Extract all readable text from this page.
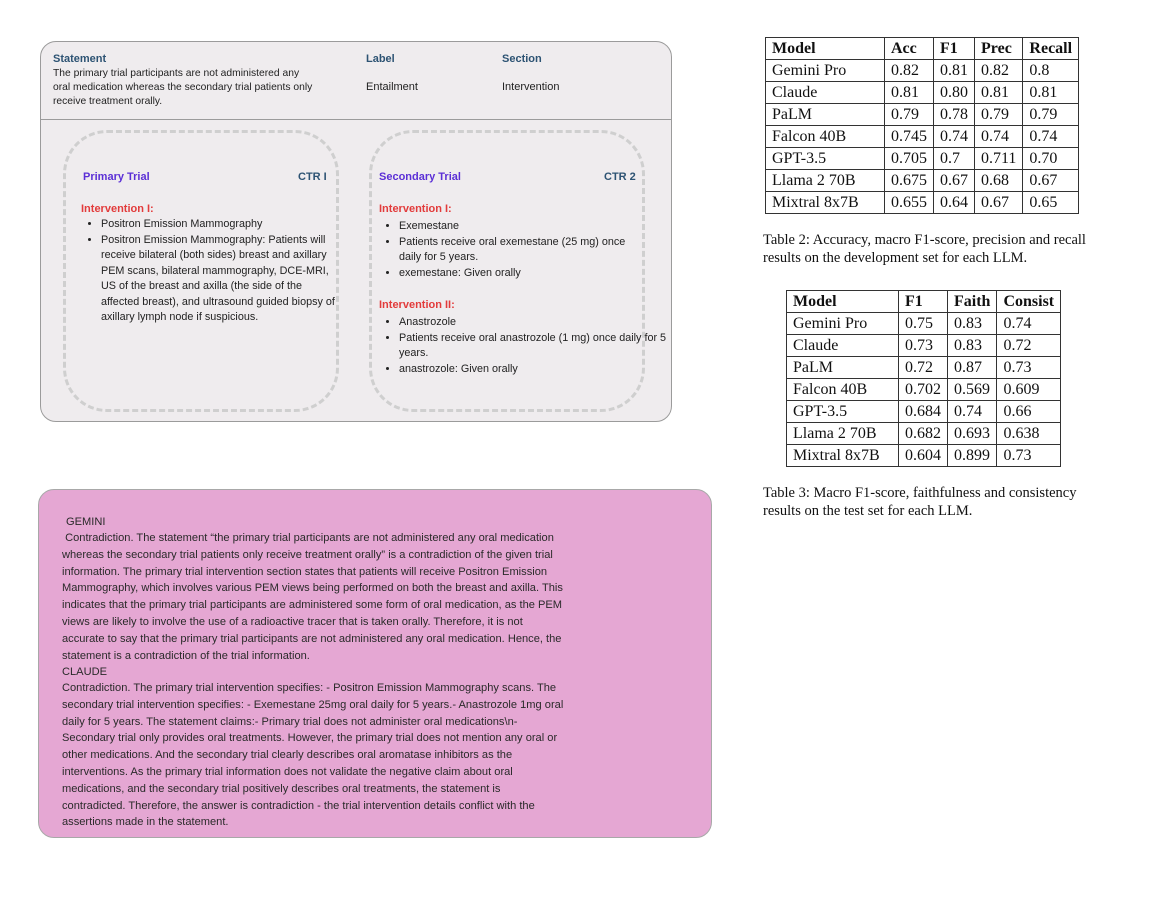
Statement	Label	Section
The primary trial participants are not administered any
oral medication whereas the secondary trial patients only
receive treatment orally.
Entailment	Intervention
Primary Trial	CTR I
Intervention I:
• Positron Emission Mammography
• Positron Emission Mammography: Patients will receive bilateral (both sides) breast and axillary PEM scans, bilateral mammography, DCE-MRI, US of the breast and axilla (the side of the affected breast), and ultrasound guided biopsy of axillary lymph node if suspicious.
Secondary Trial	CTR 2
Intervention I:
• Exemestane
• Patients receive oral exemestane (25 mg) once daily for 5 years.
• exemestane: Given orally
Intervention II:
• Anastrozole
• Patients receive oral anastrozole (1 mg) once daily for 5 years.
• anastrozole: Given orally
GEMINI
Contradiction. The statement “the primary trial participants are not administered any oral medication
whereas the secondary trial patients only receive treatment orally” is a contradiction of the given trial
information. The primary trial intervention section states that patients will receive Positron Emission
Mammography, which involves various PEM views being performed on both the breast and axilla. This
indicates that the primary trial participants are administered some form of oral medication, as the PEM
views are likely to involve the use of a radioactive tracer that is taken orally. Therefore, it is not
accurate to say that the primary trial participants are not administered any oral medication. Hence, the
statement is a contradiction of the trial information.
CLAUDE
Contradiction. The primary trial intervention specifies: - Positron Emission Mammography scans. The
secondary trial intervention specifies: - Exemestane 25mg oral daily for 5 years.- Anastrozole 1mg oral
daily for 5 years. The statement claims:- Primary trial does not administer oral medications\n-
Secondary trial only provides oral treatments. However, the primary trial does not mention any oral or
other medications. And the secondary trial clearly describes oral aromatase inhibitors as the
interventions. As the primary trial information does not validate the negative claim about oral
medications, and the secondary trial positively describes oral treatments, the statement is
contradicted. Therefore, the answer is contradiction - the trial intervention details conflict with the
assertions made in the statement.
Model	Acc	F1	Prec	Recall
Gemini Pro	0.82	0.81	0.82	0.8
Claude	0.81	0.80	0.81	0.81
PaLM	0.79	0.78	0.79	0.79
Falcon 40B	0.745	0.74	0.74	0.74
GPT-3.5	0.705	0.7	0.711	0.70
Llama 2 70B	0.675	0.67	0.68	0.67
Mixtral 8x7B	0.655	0.64	0.67	0.65
Table 2: Accuracy, macro F1-score, precision and recall
results on the development set for each LLM.
Model	F1	Faith	Consist
Gemini Pro	0.75	0.83	0.74
Claude	0.73	0.83	0.72
PaLM	0.72	0.87	0.73
Falcon 40B	0.702	0.569	0.609
GPT-3.5	0.684	0.74	0.66
Llama 2 70B	0.682	0.693	0.638
Mixtral 8x7B	0.604	0.899	0.73
Table 3: Macro F1-score, faithfulness and consistency
results on the test set for each LLM.
